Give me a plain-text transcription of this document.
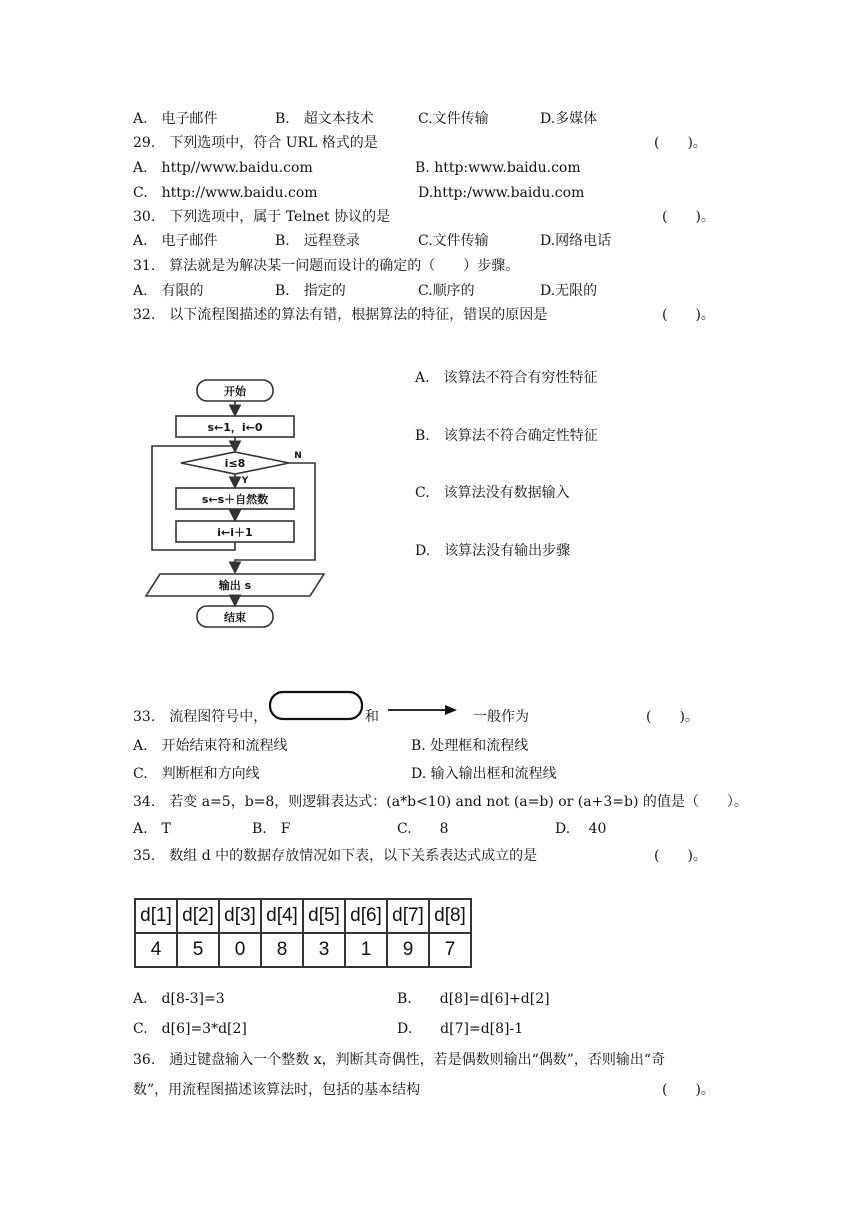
A.　电子邮件	B.　超文本技术	C.文件传输	D.多媒体
29.　下列选项中，符合 URL 格式的是	(　　)。
A.　http//www.baidu.com	B. http:www.baidu.com
C.　http://www.baidu.com	D.http:/www.baidu.com
30.　下列选项中，属于 Telnet 协议的是	(　　)。
A.　电子邮件	B.　远程登录	C.文件传输	D.网络电话
31.　算法就是为解决某一问题而设计的确定的（　　）步骤。
A.　有限的	B.　指定的	C.顺序的	D.无限的
32.　以下流程图描述的算法有错，根据算法的特征，错误的原因是	(　　)。
开始
s←1，i←0
i≤8
Y
N
s←s＋自然数
i←i＋1
输出 s
结束
A.　该算法不符合有穷性特征
B.　该算法不符合确定性特征
C.　该算法没有数据输入
D.　该算法没有输出步骤
33.　流程图符号中，	和	一般作为	(　　)。
A.　开始结束符和流程线	B. 处理框和流程线
C.　判断框和方向线	D. 输入输出框和流程线
34.　若变 a=5，b=8，则逻辑表达式：(a*b<10) and not (a=b) or (a+3=b) 的值是（　　）。
A.　T	B.　F	C.　　8	D.　 40
35.　数组 d 中的数据存放情况如下表，以下关系表达式成立的是	(　　)。
d[1]	d[2]	d[3]	d[4]	d[5]	d[6]	d[7]	d[8]
4	5	0	8	3	1	9	7
A.　d[8-3]=3	B.　　d[8]=d[6]+d[2]
C.　d[6]=3*d[2]	D.　　d[7]=d[8]-1
36.　通过键盘输入一个整数 x，判断其奇偶性，若是偶数则输出“偶数”，否则输出“奇
数”，用流程图描述该算法时，包括的基本结构	(　　)。
